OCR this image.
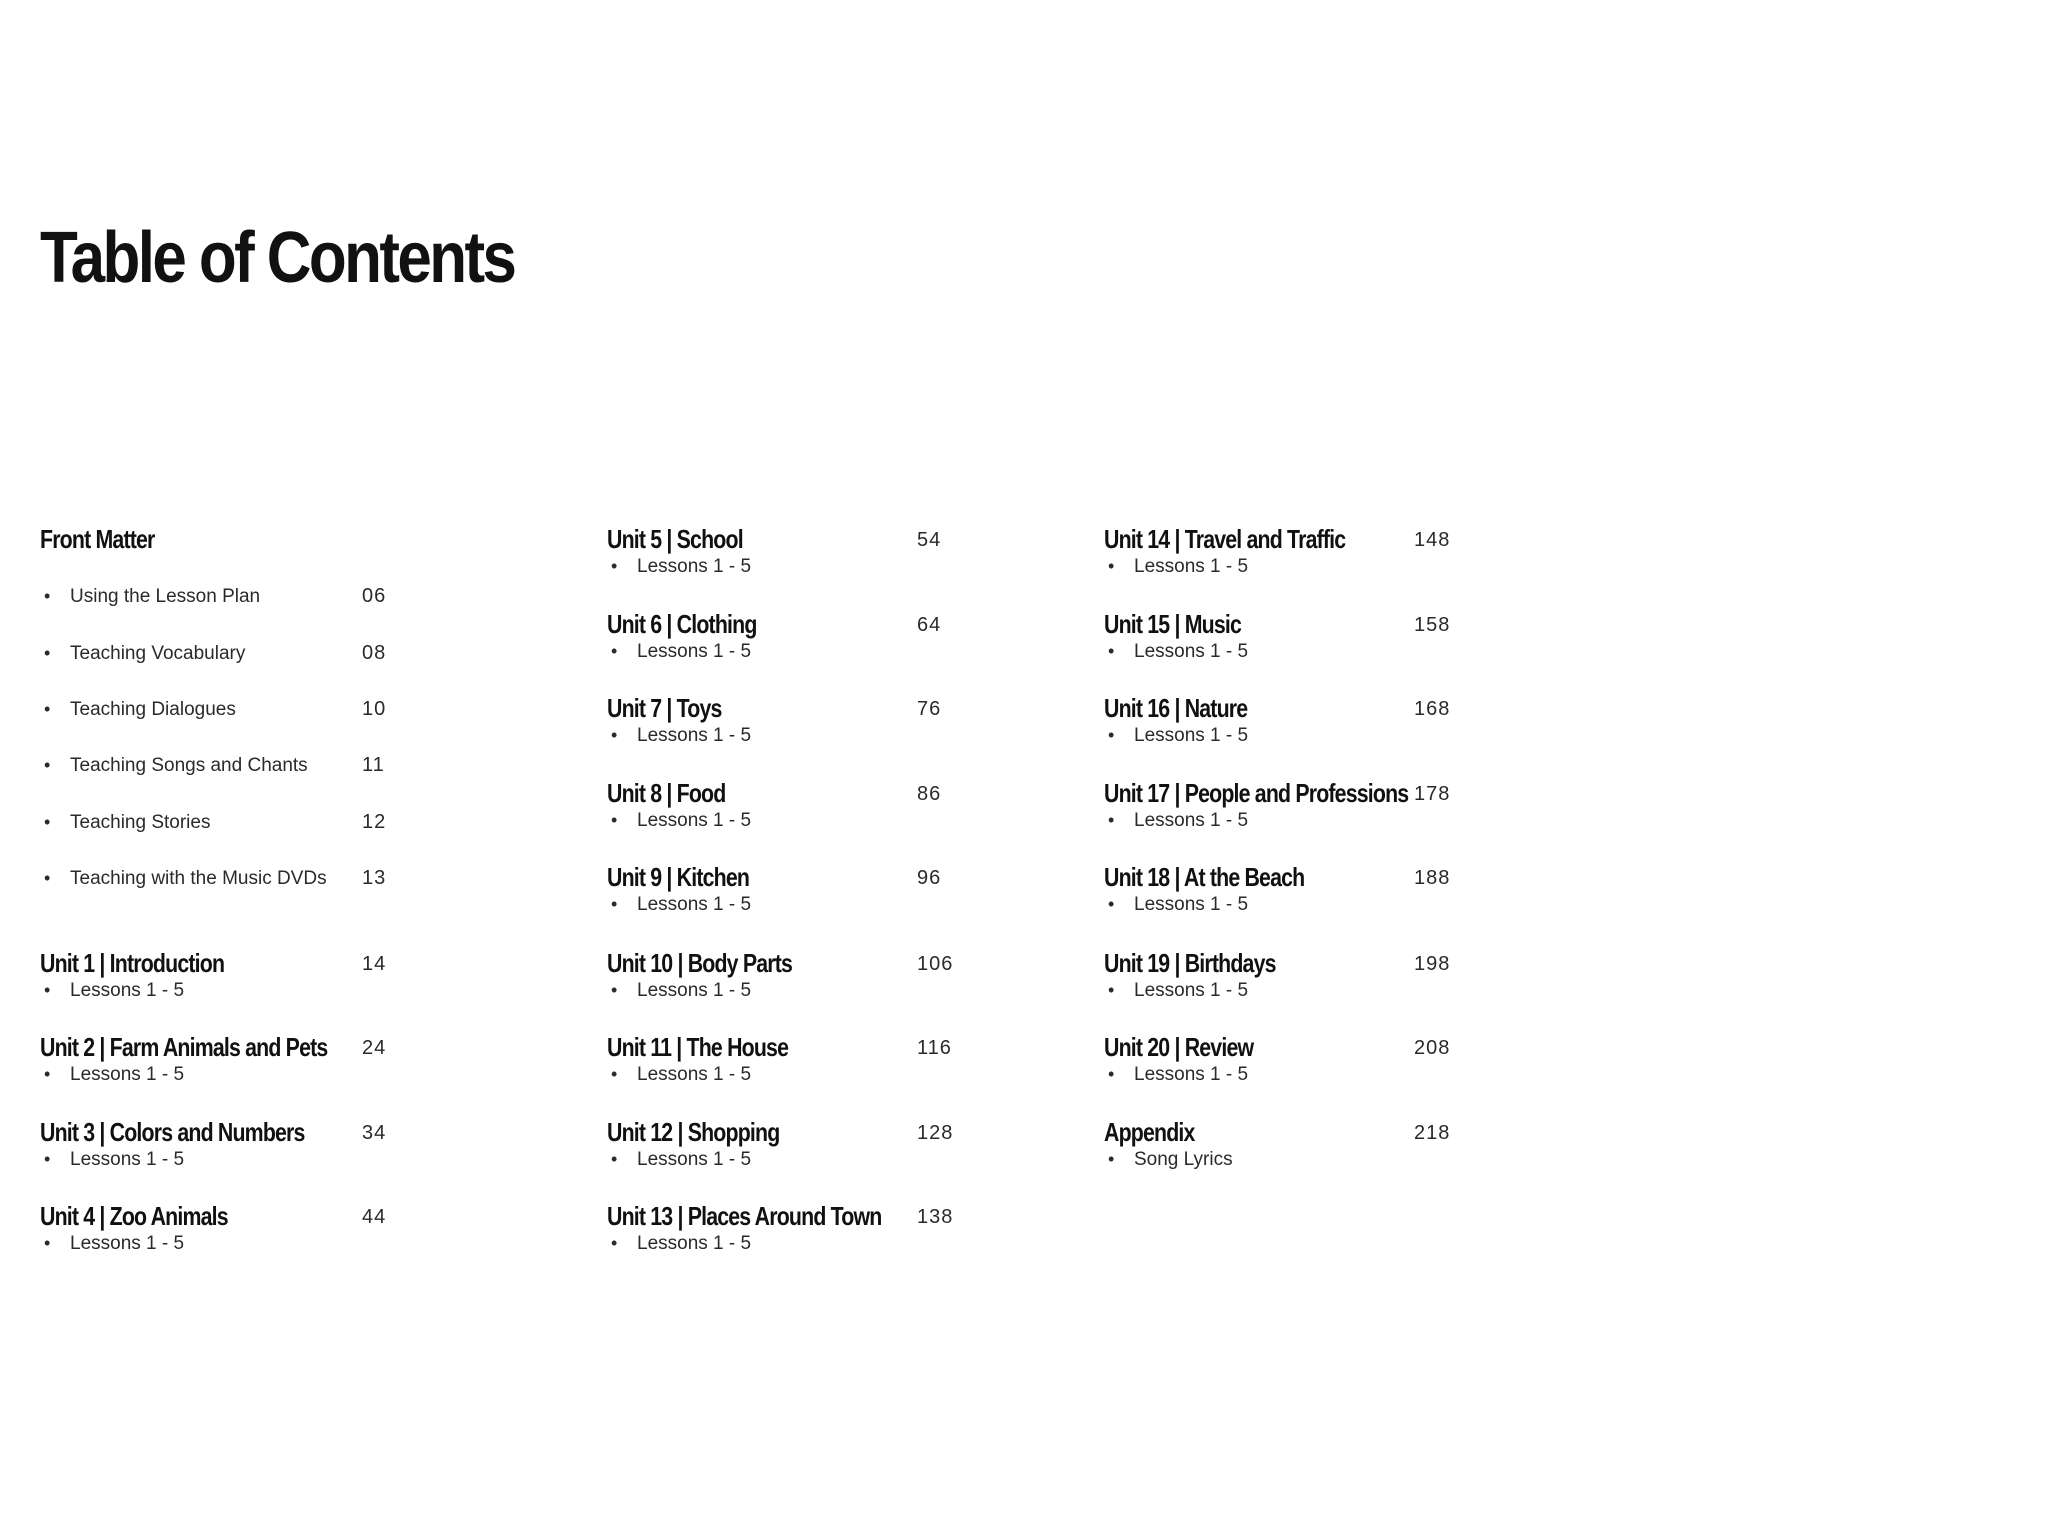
Table of Contents
Front Matter
• Using the Lesson Plan	06
• Teaching Vocabulary	08
• Teaching Dialogues	10
• Teaching Songs and Chants	11
• Teaching Stories	12
• Teaching with the Music DVDs 13
Unit 1 | Introduction	14
• Lessons 1 - 5
Unit 2 | Farm Animals and Pets 24
• Lessons 1 - 5
Unit 3 | Colors and Numbers	34
• Lessons 1 - 5
Unit 4 | Zoo Animals	44
• Lessons 1 - 5
Unit 5 | School	54
• Lessons 1 - 5
Unit 6 | Clothing	64
• Lessons 1 - 5
Unit 7 | Toys	76
• Lessons 1 - 5
Unit 8 | Food	86
• Lessons 1 - 5
Unit 9 | Kitchen	96
• Lessons 1 - 5
Unit 10 | Body Parts	106
• Lessons 1 - 5
Unit 11 | The House	116
• Lessons 1 - 5
Unit 12 | Shopping	128
• Lessons 1 - 5
Unit 13 | Places Around Town 138
• Lessons 1 - 5
Unit 14 | Travel and Traffic	148
• Lessons 1 - 5
Unit 15 | Music	158
• Lessons 1 - 5
Unit 16 | Nature	168
• Lessons 1 - 5
Unit 17 | People and Professions 178
• Lessons 1 - 5
Unit 18 | At the Beach	188
• Lessons 1 - 5
Unit 19 | Birthdays	198
• Lessons 1 - 5
Unit 20 | Review	208
• Lessons 1 - 5
Appendix	218
• Song Lyrics
